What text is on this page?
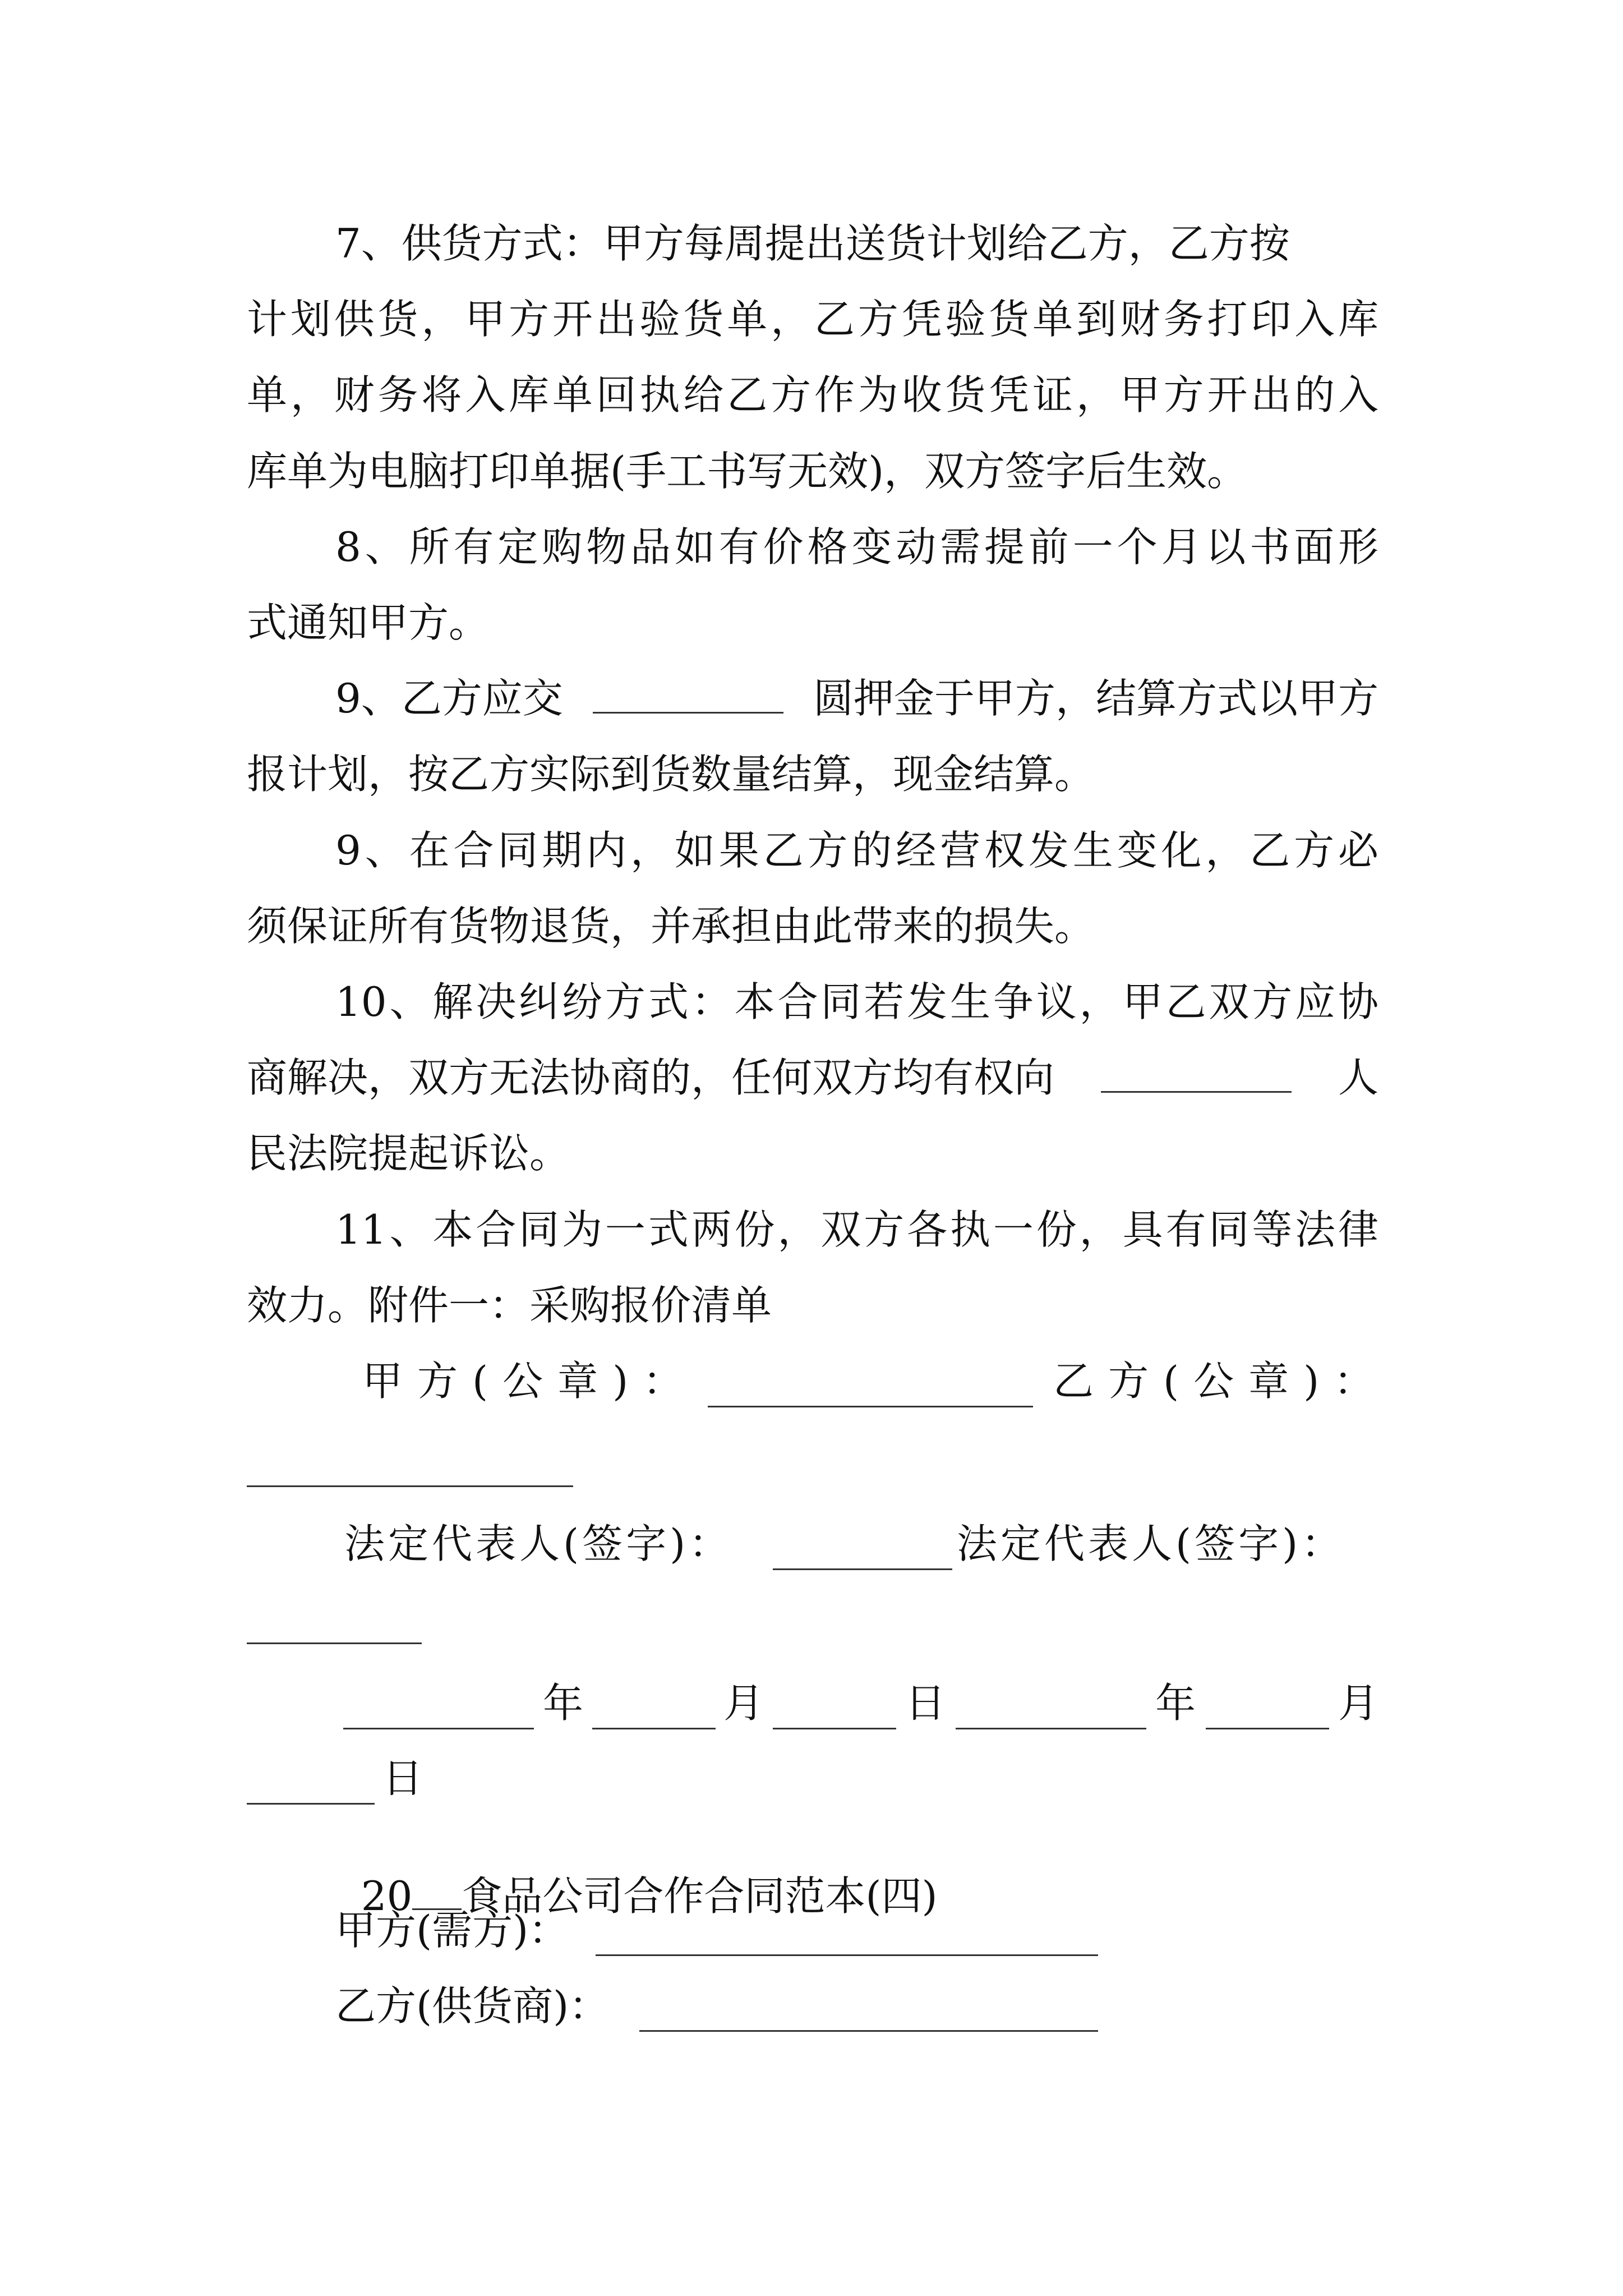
7、供货方式：甲方每周提出送货计划给乙方，乙方按
计划供货，甲方开出验货单，乙方凭验货单到财务打印入库
单，财务将入库单回执给乙方作为收货凭证，甲方开出的入
库单为电脑打印单据(手工书写无效)，双方签字后生效。
8、所有定购物品如有价格变动需提前一个月以书面形
式通知甲方。
9、乙方应交	圆押金于甲方，结算方式以甲方
报计划，按乙方实际到货数量结算，现金结算。
9、在合同期内，如果乙方的经营权发生变化，乙方必
须保证所有货物退货，并承担由此带来的损失。
10、解决纠纷方式：本合同若发生争议，甲乙双方应协
商解决，双方无法协商的，任何双方均有权向	人
民法院提起诉讼。
11、本合同为一式两份，双方各执一份，具有同等法律
效力。附件一：采购报价清单
甲方(公章)：	乙方(公章)：
法定代表人(签字)：	法定代表人(签字)：
年	月	日	年	月
日

20 食品公司合作合同范本(四)

甲方(需方)：
乙方(供货商)：
